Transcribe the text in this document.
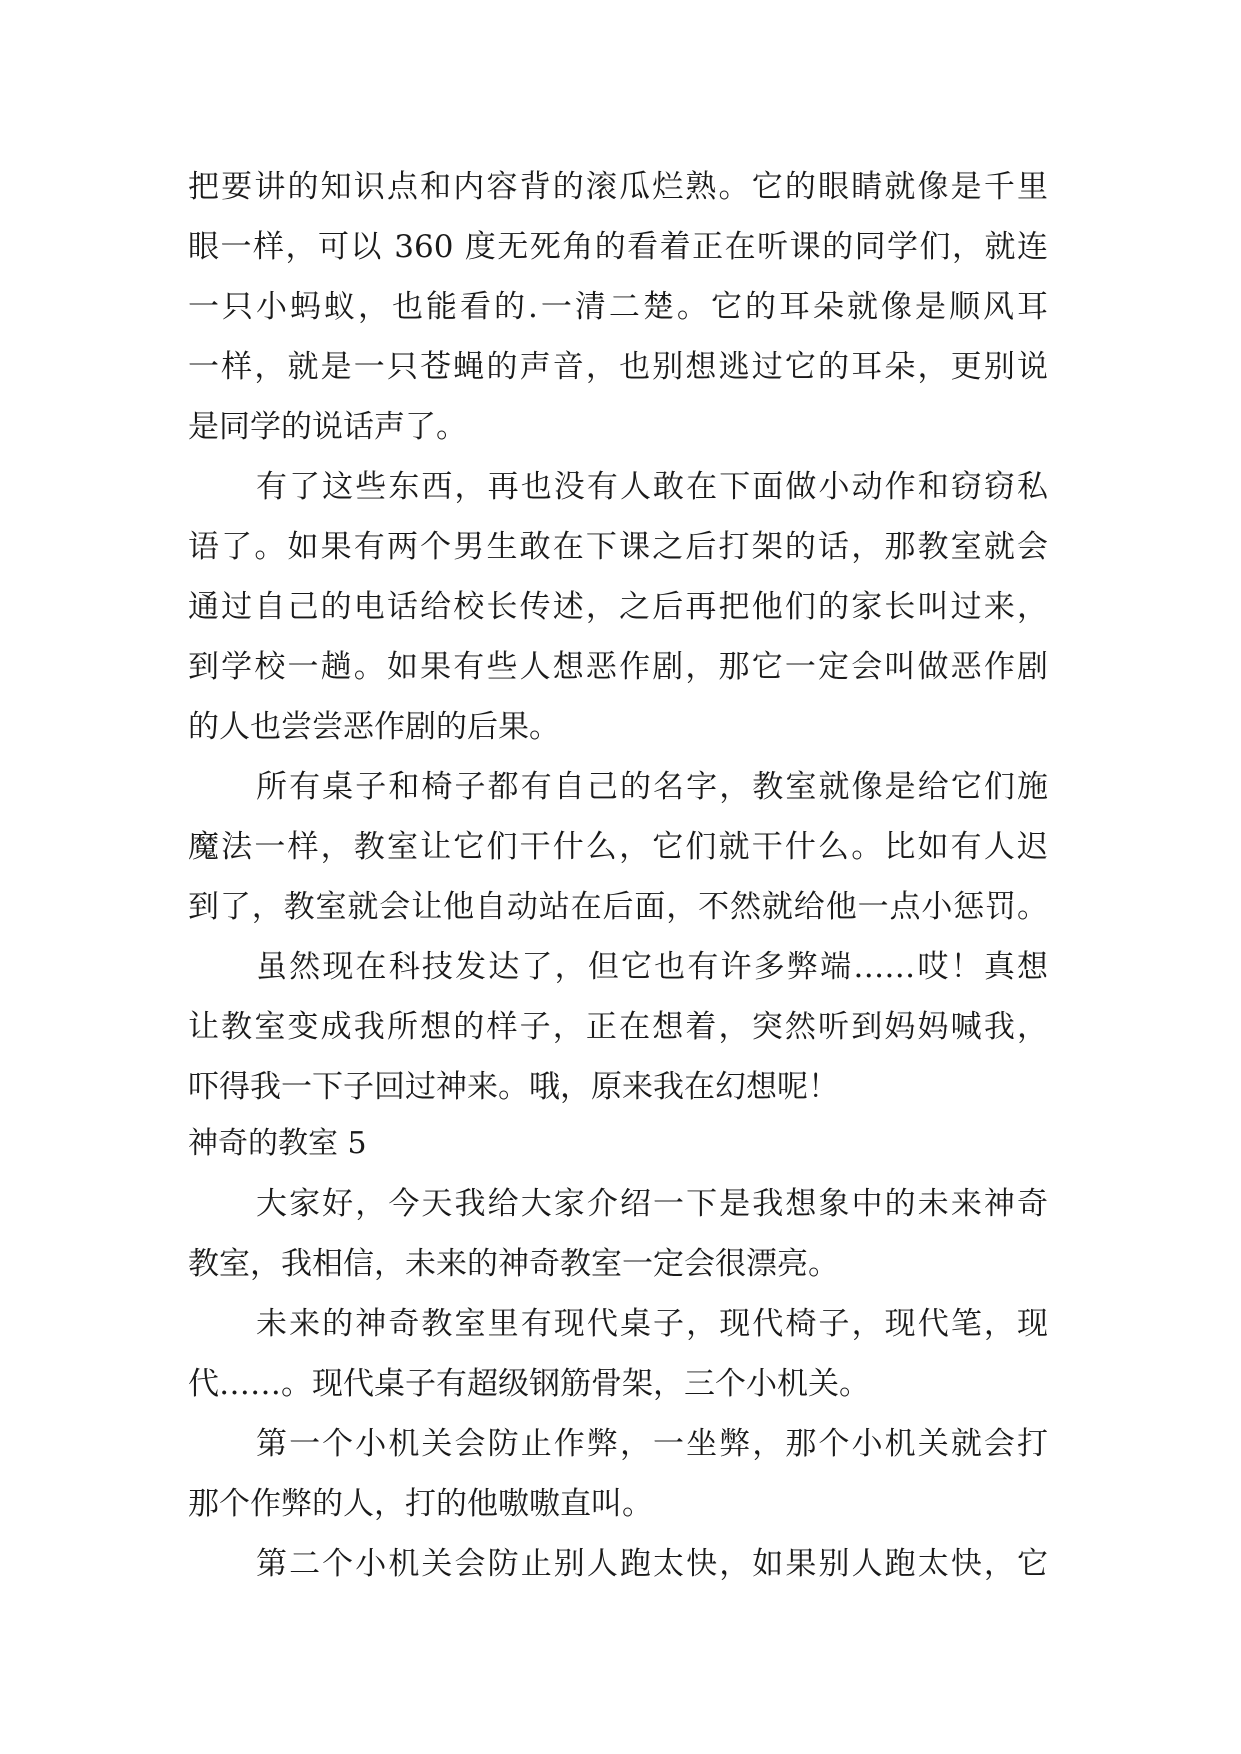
把要讲的知识点和内容背的滚瓜烂熟。它的眼睛就像是千里
眼一样，可以 360 度无死角的看着正在听课的同学们，就连
一只小蚂蚁，也能看的.一清二楚。它的耳朵就像是顺风耳
一样，就是一只苍蝇的声音，也别想逃过它的耳朵，更别说
是同学的说话声了。
有了这些东西，再也没有人敢在下面做小动作和窃窃私
语了。如果有两个男生敢在下课之后打架的话，那教室就会
通过自己的电话给校长传述，之后再把他们的家长叫过来，
到学校一趟。如果有些人想恶作剧，那它一定会叫做恶作剧
的人也尝尝恶作剧的后果。
所有桌子和椅子都有自己的名字，教室就像是给它们施
魔法一样，教室让它们干什么，它们就干什么。比如有人迟
到了，教室就会让他自动站在后面，不然就给他一点小惩罚。
虽然现在科技发达了，但它也有许多弊端……哎！真想
让教室变成我所想的样子，正在想着，突然听到妈妈喊我，
吓得我一下子回过神来。哦，原来我在幻想呢！
神奇的教室 5
大家好，今天我给大家介绍一下是我想象中的未来神奇
教室，我相信，未来的神奇教室一定会很漂亮。
未来的神奇教室里有现代桌子，现代椅子，现代笔，现
代……。现代桌子有超级钢筋骨架，三个小机关。
第一个小机关会防止作弊，一坐弊，那个小机关就会打
那个作弊的人，打的他嗷嗷直叫。
第二个小机关会防止别人跑太快，如果别人跑太快，它
